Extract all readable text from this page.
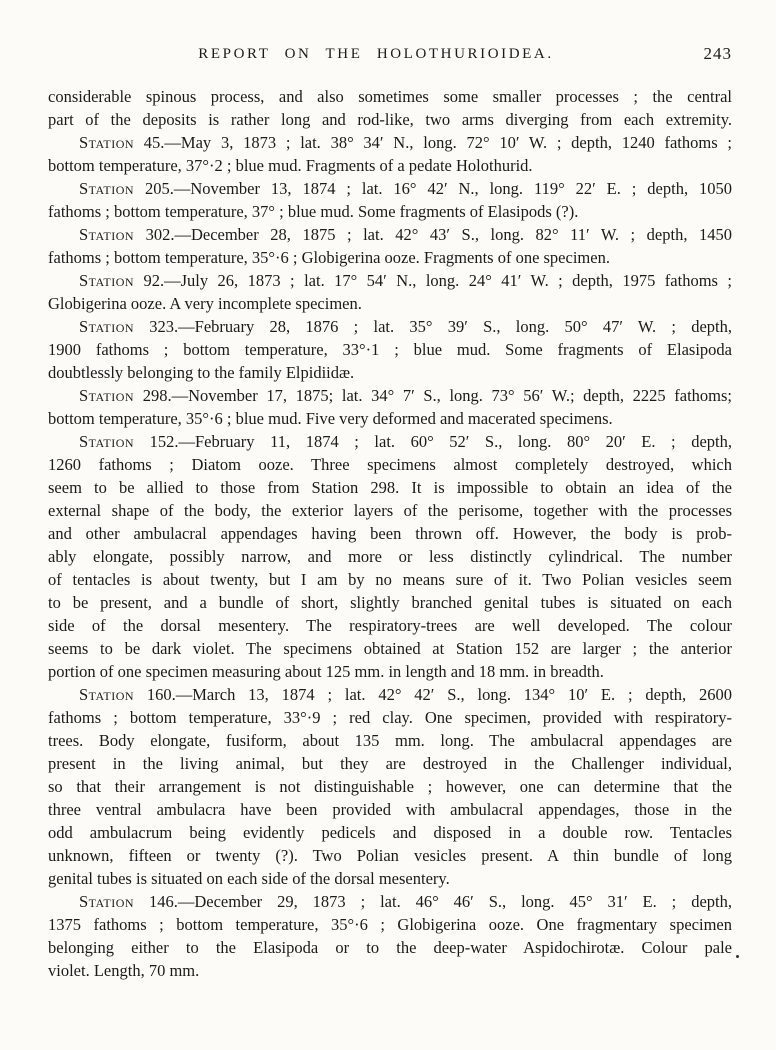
REPORT ON THE HOLOTHURIOIDEA.	243
considerable spinous process, and also sometimes some smaller processes ; the central
part of the deposits is rather long and rod-like, two arms diverging from each extremity.
Station 45.—May 3, 1873 ; lat. 38° 34′ N., long. 72° 10′ W. ; depth, 1240 fathoms ;
bottom temperature, 37°·2 ; blue mud. Fragments of a pedate Holothurid.
Station 205.—November 13, 1874 ; lat. 16° 42′ N., long. 119° 22′ E. ; depth, 1050
fathoms ; bottom temperature, 37° ; blue mud. Some fragments of Elasipods (?).
Station 302.—December 28, 1875 ; lat. 42° 43′ S., long. 82° 11′ W. ; depth, 1450
fathoms ; bottom temperature, 35°·6 ; Globigerina ooze. Fragments of one specimen.
Station 92.—July 26, 1873 ; lat. 17° 54′ N., long. 24° 41′ W. ; depth, 1975 fathoms ;
Globigerina ooze. A very incomplete specimen.
Station 323.—February 28, 1876 ; lat. 35° 39′ S., long. 50° 47′ W. ; depth,
1900 fathoms ; bottom temperature, 33°·1 ; blue mud. Some fragments of Elasipoda
doubtlessly belonging to the family Elpidiidæ.
Station 298.—November 17, 1875; lat. 34° 7′ S., long. 73° 56′ W.; depth, 2225 fathoms;
bottom temperature, 35°·6 ; blue mud. Five very deformed and macerated specimens.
Station 152.—February 11, 1874 ; lat. 60° 52′ S., long. 80° 20′ E. ; depth,
1260 fathoms ; Diatom ooze. Three specimens almost completely destroyed, which
seem to be allied to those from Station 298. It is impossible to obtain an idea of the
external shape of the body, the exterior layers of the perisome, together with the processes
and other ambulacral appendages having been thrown off. However, the body is prob-
ably elongate, possibly narrow, and more or less distinctly cylindrical. The number
of tentacles is about twenty, but I am by no means sure of it. Two Polian vesicles seem
to be present, and a bundle of short, slightly branched genital tubes is situated on each
side of the dorsal mesentery. The respiratory-trees are well developed. The colour
seems to be dark violet. The specimens obtained at Station 152 are larger ; the anterior
portion of one specimen measuring about 125 mm. in length and 18 mm. in breadth.
Station 160.—March 13, 1874 ; lat. 42° 42′ S., long. 134° 10′ E. ; depth, 2600
fathoms ; bottom temperature, 33°·9 ; red clay. One specimen, provided with respiratory-
trees. Body elongate, fusiform, about 135 mm. long. The ambulacral appendages are
present in the living animal, but they are destroyed in the Challenger individual,
so that their arrangement is not distinguishable ; however, one can determine that the
three ventral ambulacra have been provided with ambulacral appendages, those in the
odd ambulacrum being evidently pedicels and disposed in a double row. Tentacles
unknown, fifteen or twenty (?). Two Polian vesicles present. A thin bundle of long
genital tubes is situated on each side of the dorsal mesentery.
Station 146.—December 29, 1873 ; lat. 46° 46′ S., long. 45° 31′ E. ; depth,
1375 fathoms ; bottom temperature, 35°·6 ; Globigerina ooze. One fragmentary specimen
belonging either to the Elasipoda or to the deep-water Aspidochirotæ. Colour pale
violet. Length, 70 mm.
